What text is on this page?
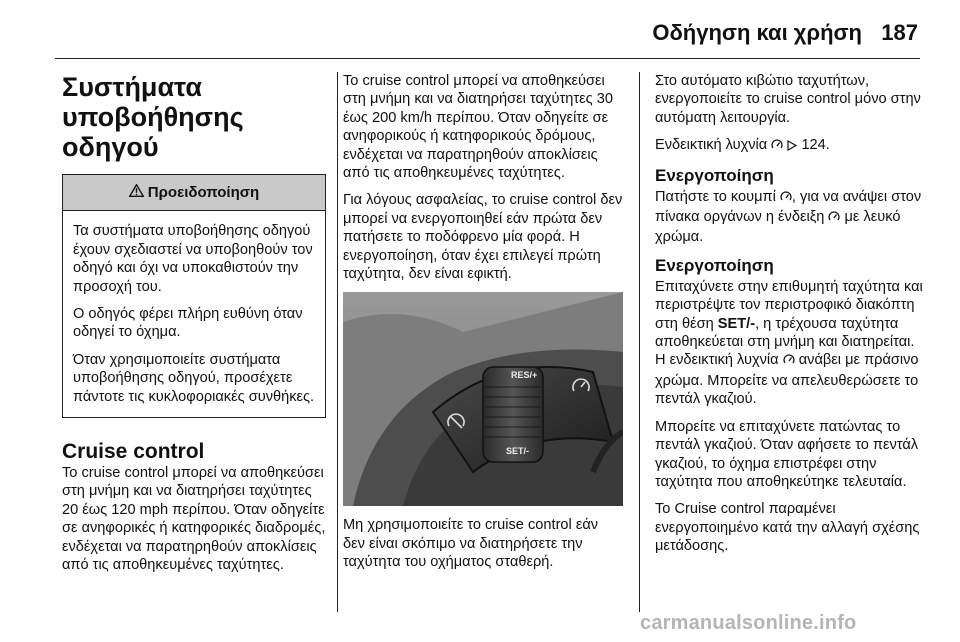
Οδήγηση και χρήση 187
Συστήματα υποβοήθησης οδηγού
Προειδοποίηση

Τα συστήματα υποβοήθησης οδηγού έχουν σχεδιαστεί να υποβοηθούν τον οδηγό και όχι να υποκαθιστούν την προσοχή του.

Ο οδηγός φέρει πλήρη ευθύνη όταν οδηγεί το όχημα.

Όταν χρησιμοποιείτε συστήματα υποβοήθησης οδηγού, προσέχετε πάντοτε τις κυκλοφοριακές συνθήκες.

Cruise control

Το cruise control μπορεί να αποθηκεύσει στη μνήμη και να διατηρήσει ταχύτητες 20 έως 120 mph περίπου. Όταν οδηγείτε σε ανηφορικές ή κατηφορικές διαδρομές, ενδέχεται να παρατηρηθούν αποκλίσεις από τις αποθηκευμένες ταχύτητες.

Το cruise control μπορεί να αποθηκεύσει στη μνήμη και να διατηρήσει ταχύτητες 30 έως 200 km/h περίπου. Όταν οδηγείτε σε ανηφορικούς ή κατηφορικούς δρόμους, ενδέχεται να παρατηρηθούν αποκλίσεις από τις αποθηκευμένες ταχύτητες.

Για λόγους ασφαλείας, το cruise control δεν μπορεί να ενεργοποιηθεί εάν πρώτα δεν πατήσετε το ποδόφρενο μία φορά. Η ενεργοποίηση, όταν έχει επιλεγεί πρώτη ταχύτητα, δεν είναι εφικτή.

RES/+
SET/-

Μη χρησιμοποιείτε το cruise control εάν δεν είναι σκόπιμο να διατηρήσετε την ταχύτητα του οχήματος σταθερή.

Στο αυτόματο κιβώτιο ταχυτήτων, ενεργοποιείτε το cruise control μόνο στην αυτόματη λειτουργία.

Ενδεικτική λυχνία 124.

Ενεργοποίηση

Πατήστε το κουμπί , για να ανάψει στον πίνακα οργάνων η ένδειξη με λευκό χρώμα.

Ενεργοποίηση

Επιταχύνετε στην επιθυμητή ταχύτητα και περιστρέψτε τον περιστροφικό διακόπτη στη θέση SET/-, η τρέχουσα ταχύτητα αποθηκεύεται στη μνήμη και διατηρείται. Η ενδεικτική λυχνία ανάβει με πράσινο χρώμα. Μπορείτε να απελευθερώσετε το πεντάλ γκαζιού.

Μπορείτε να επιταχύνετε πατώντας το πεντάλ γκαζιού. Όταν αφήσετε το πεντάλ γκαζιού, το όχημα επιστρέφει στην ταχύτητα που αποθηκεύτηκε τελευταία.

Το Cruise control παραμένει ενεργοποιημένο κατά την αλλαγή σχέσης μετάδοσης.

carmanualsonline.info
